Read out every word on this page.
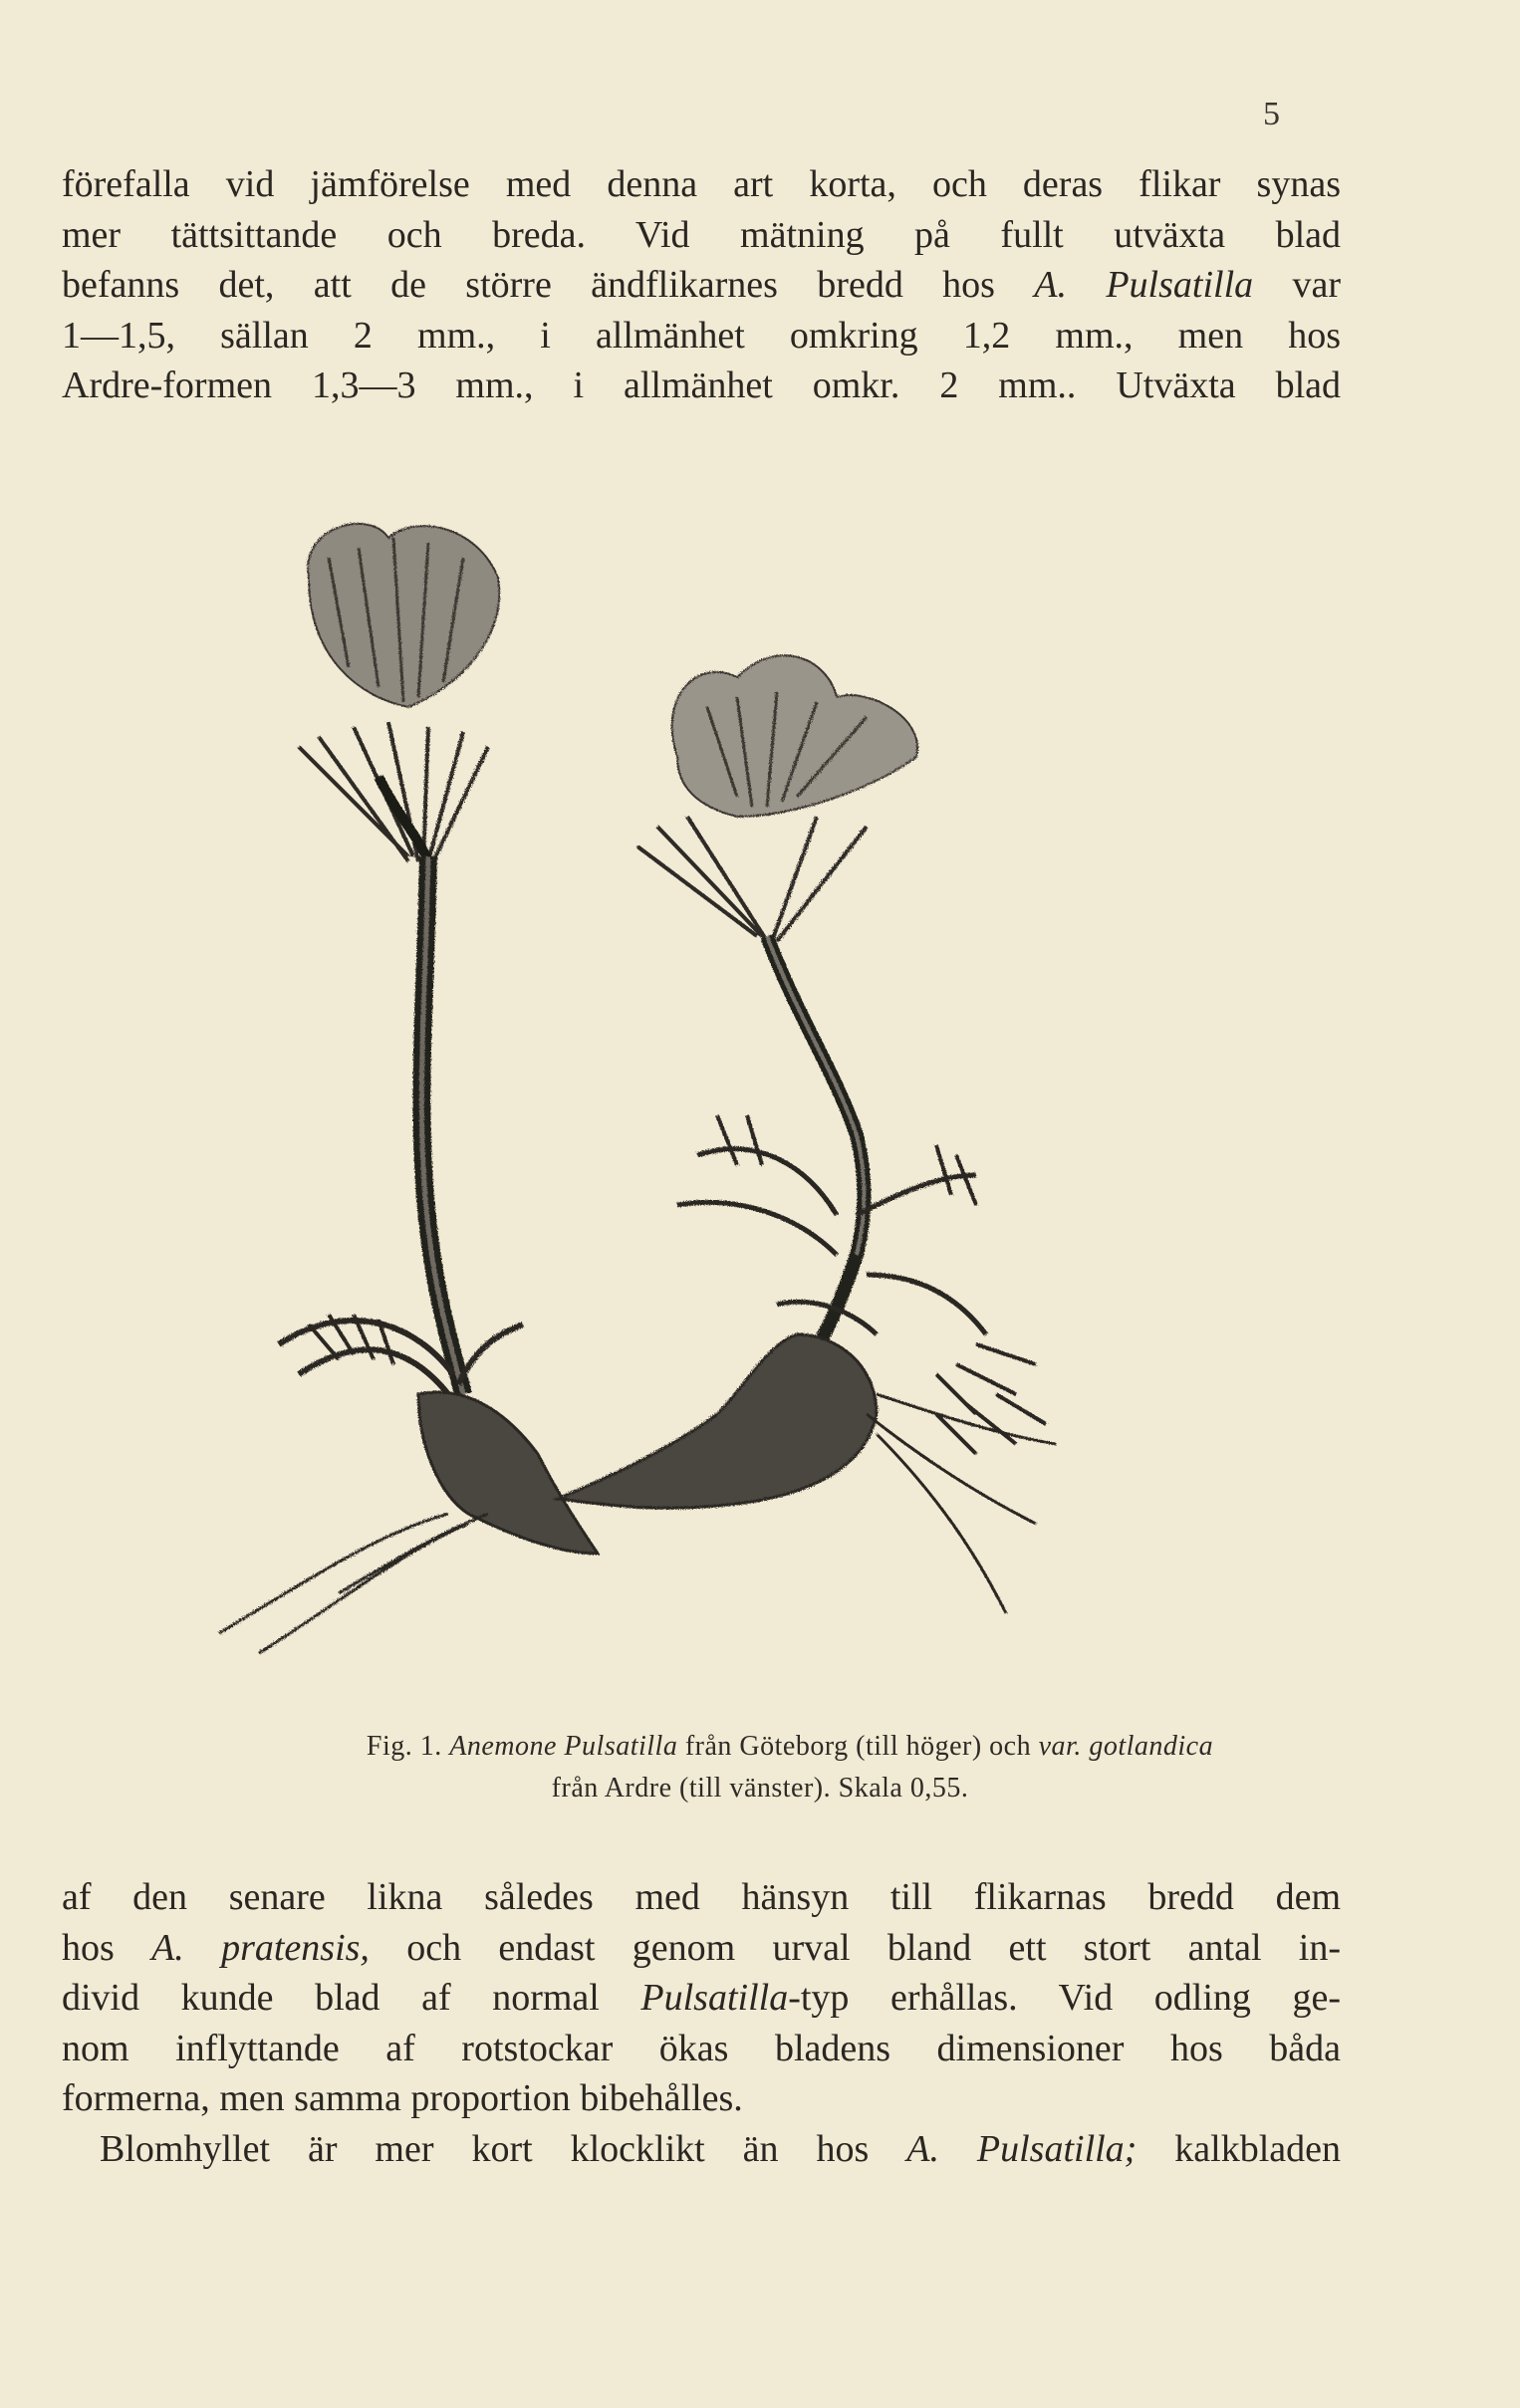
5
förefalla vid jämförelse med denna art korta, och deras flikar synas
mer tättsittande och breda. Vid mätning på fullt utväxta blad
befanns det, att de större ändflikarnes bredd hos A. Pulsatilla var
1—1,5, sällan 2 mm., i allmänhet omkring 1,2 mm., men hos
Ardre-formen 1,3—3 mm., i allmänhet omkr. 2 mm.. Utväxta blad
Fig. 1. Anemone Pulsatilla från Göteborg (till höger) och var. gotlandica
från Ardre (till vänster). Skala 0,55.
af den senare likna således med hänsyn till flikarnas bredd dem
hos A. pratensis, och endast genom urval bland ett stort antal in-
divid kunde blad af normal Pulsatilla-typ erhållas. Vid odling ge-
nom inflyttande af rotstockar ökas bladens dimensioner hos båda
formerna, men samma proportion bibehålles.
Blomhyllet är mer kort klocklikt än hos A. Pulsatilla; kalkbladen
